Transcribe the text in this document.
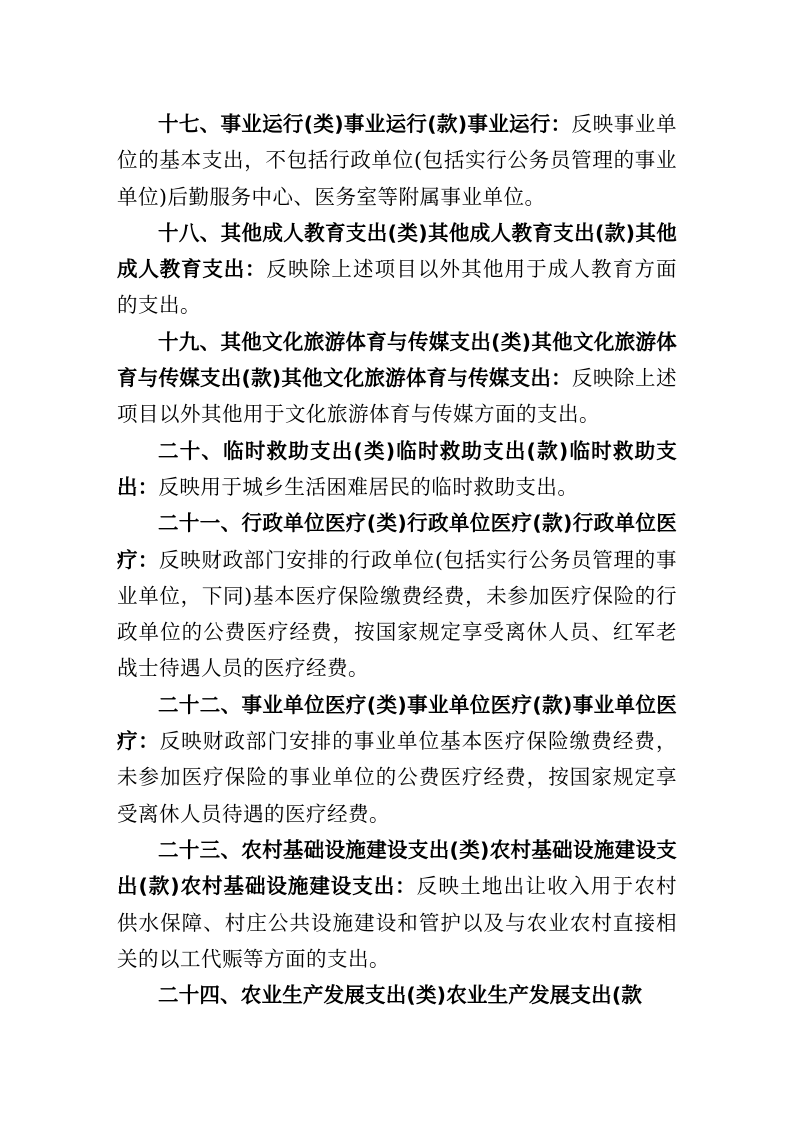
十七、事业运行(类)事业运行(款)事业运行：反映事业单位的基本支出，不包括行政单位(包括实行公务员管理的事业单位)后勤服务中心、医务室等附属事业单位。

十八、其他成人教育支出(类)其他成人教育支出(款)其他成人教育支出：反映除上述项目以外其他用于成人教育方面的支出。

十九、其他文化旅游体育与传媒支出(类)其他文化旅游体育与传媒支出(款)其他文化旅游体育与传媒支出：反映除上述项目以外其他用于文化旅游体育与传媒方面的支出。

二十、临时救助支出(类)临时救助支出(款)临时救助支出：反映用于城乡生活困难居民的临时救助支出。

二十一、行政单位医疗(类)行政单位医疗(款)行政单位医疗：反映财政部门安排的行政单位(包括实行公务员管理的事业单位，下同)基本医疗保险缴费经费，未参加医疗保险的行政单位的公费医疗经费，按国家规定享受离休人员、红军老战士待遇人员的医疗经费。

二十二、事业单位医疗(类)事业单位医疗(款)事业单位医疗：反映财政部门安排的事业单位基本医疗保险缴费经费，未参加医疗保险的事业单位的公费医疗经费，按国家规定享受离休人员待遇的医疗经费。

二十三、农村基础设施建设支出(类)农村基础设施建设支出(款)农村基础设施建设支出：反映土地出让收入用于农村供水保障、村庄公共设施建设和管护以及与农业农村直接相关的以工代赈等方面的支出。

二十四、农业生产发展支出(类)农业生产发展支出(款
